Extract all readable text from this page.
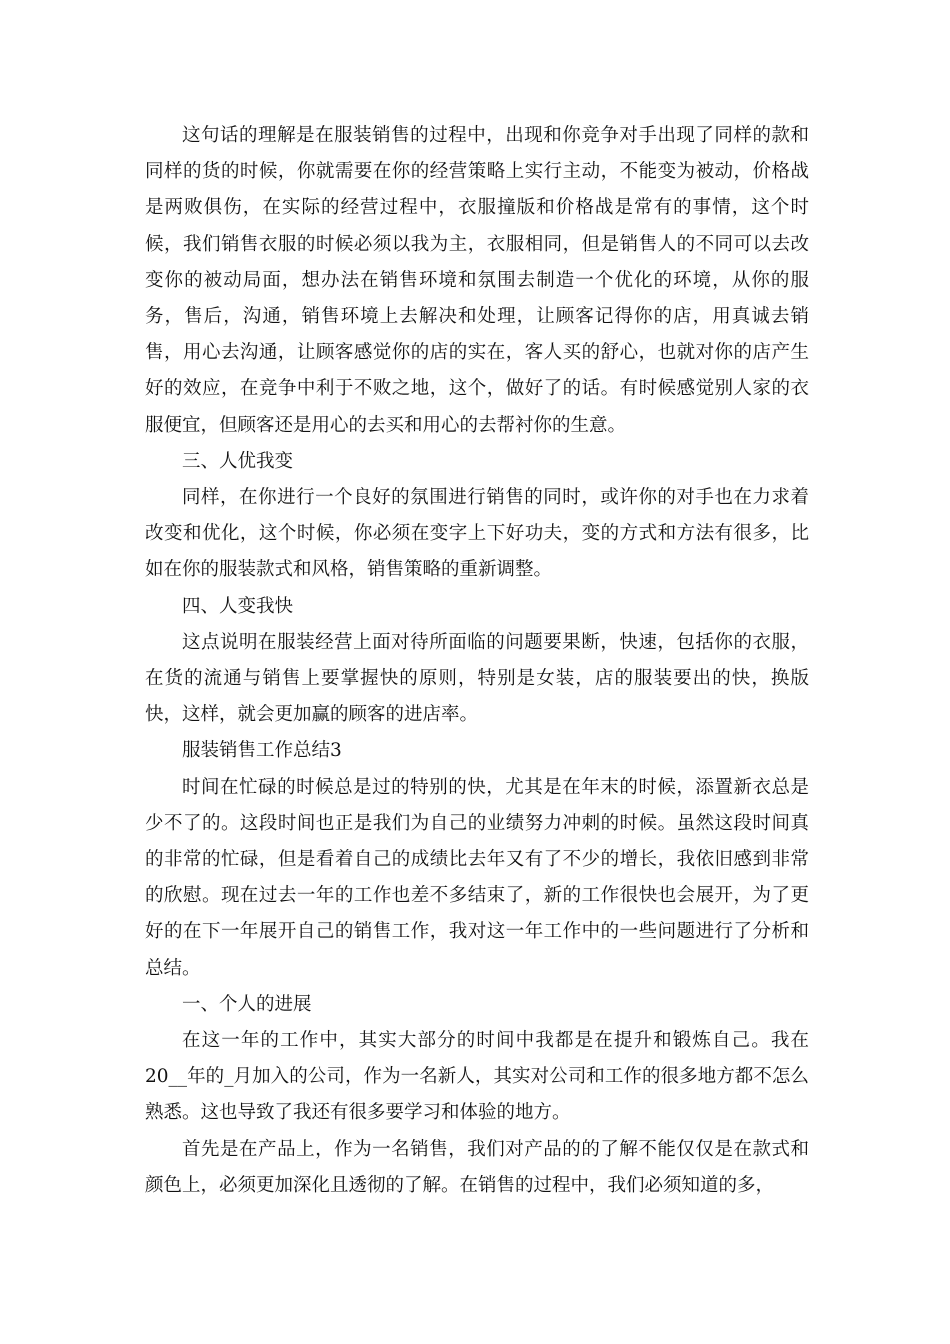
这句话的理解是在服装销售的过程中，出现和你竞争对手出现了同样的款和同样的货的时候，你就需要在你的经营策略上实行主动，不能变为被动，价格战是两败俱伤，在实际的经营过程中，衣服撞版和价格战是常有的事情，这个时候，我们销售衣服的时候必须以我为主，衣服相同，但是销售人的不同可以去改变你的被动局面，想办法在销售环境和氛围去制造一个优化的环境，从你的服务，售后，沟通，销售环境上去解决和处理，让顾客记得你的店，用真诚去销售，用心去沟通，让顾客感觉你的店的实在，客人买的舒心，也就对你的店产生好的效应，在竞争中利于不败之地，这个，做好了的话。有时候感觉别人家的衣服便宜，但顾客还是用心的去买和用心的去帮衬你的生意。

三、人优我变

同样，在你进行一个良好的氛围进行销售的同时，或许你的对手也在力求着改变和优化，这个时候，你必须在变字上下好功夫，变的方式和方法有很多，比如在你的服装款式和风格，销售策略的重新调整。

四、人变我快

这点说明在服装经营上面对待所面临的问题要果断，快速，包括你的衣服，在货的流通与销售上要掌握快的原则，特别是女装，店的服装要出的快，换版快，这样，就会更加赢的顾客的进店率。

服装销售工作总结3

时间在忙碌的时候总是过的特别的快，尤其是在年末的时候，添置新衣总是少不了的。这段时间也正是我们为自己的业绩努力冲刺的时候。虽然这段时间真的非常的忙碌，但是看着自己的成绩比去年又有了不少的增长，我依旧感到非常的欣慰。现在过去一年的工作也差不多结束了，新的工作很快也会展开，为了更好的在下一年展开自己的销售工作，我对这一年工作中的一些问题进行了分析和总结。

一、个人的进展

在这一年的工作中，其实大部分的时间中我都是在提升和锻炼自己。我在20__年的_月加入的公司，作为一名新人，其实对公司和工作的很多地方都不怎么熟悉。这也导致了我还有很多要学习和体验的地方。

首先是在产品上，作为一名销售，我们对产品的的了解不能仅仅是在款式和颜色上，必须更加深化且透彻的了解。在销售的过程中，我们必须知道的多，
